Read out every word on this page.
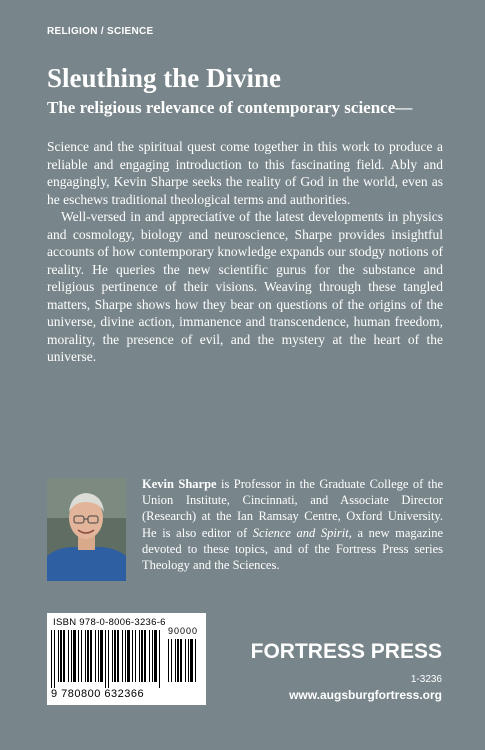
RELIGION / SCIENCE
Sleuthing the Divine
The religious relevance of contemporary science—

Science and the spiritual quest come together in this work to produce a reliable and engaging introduction to this fascinating field. Ably and engagingly, Kevin Sharpe seeks the reality of God in the world, even as he eschews traditional theological terms and authorities.

Well-versed in and appreciative of the latest developments in physics and cosmology, biology and neuroscience, Sharpe provides insightful accounts of how contemporary knowledge expands our stodgy notions of reality. He queries the new scientific gurus for the substance and religious pertinence of their visions. Weaving through these tangled matters, Sharpe shows how they bear on questions of the origins of the universe, divine action, immanence and transcendence, human freedom, morality, the presence of evil, and the mystery at the heart of the universe.

Kevin Sharpe is Professor in the Graduate College of the Union Institute, Cincinnati, and Associate Director (Research) at the Ian Ramsay Centre, Oxford University. He is also editor of Science and Spirit, a new magazine devoted to these topics, and of the Fortress Press series Theology and the Sciences.
ISBN 978-0-8006-3236-6
90000
9 780800 632366
FORTRESS PRESS
1-3236
www.augsburgfortress.org
